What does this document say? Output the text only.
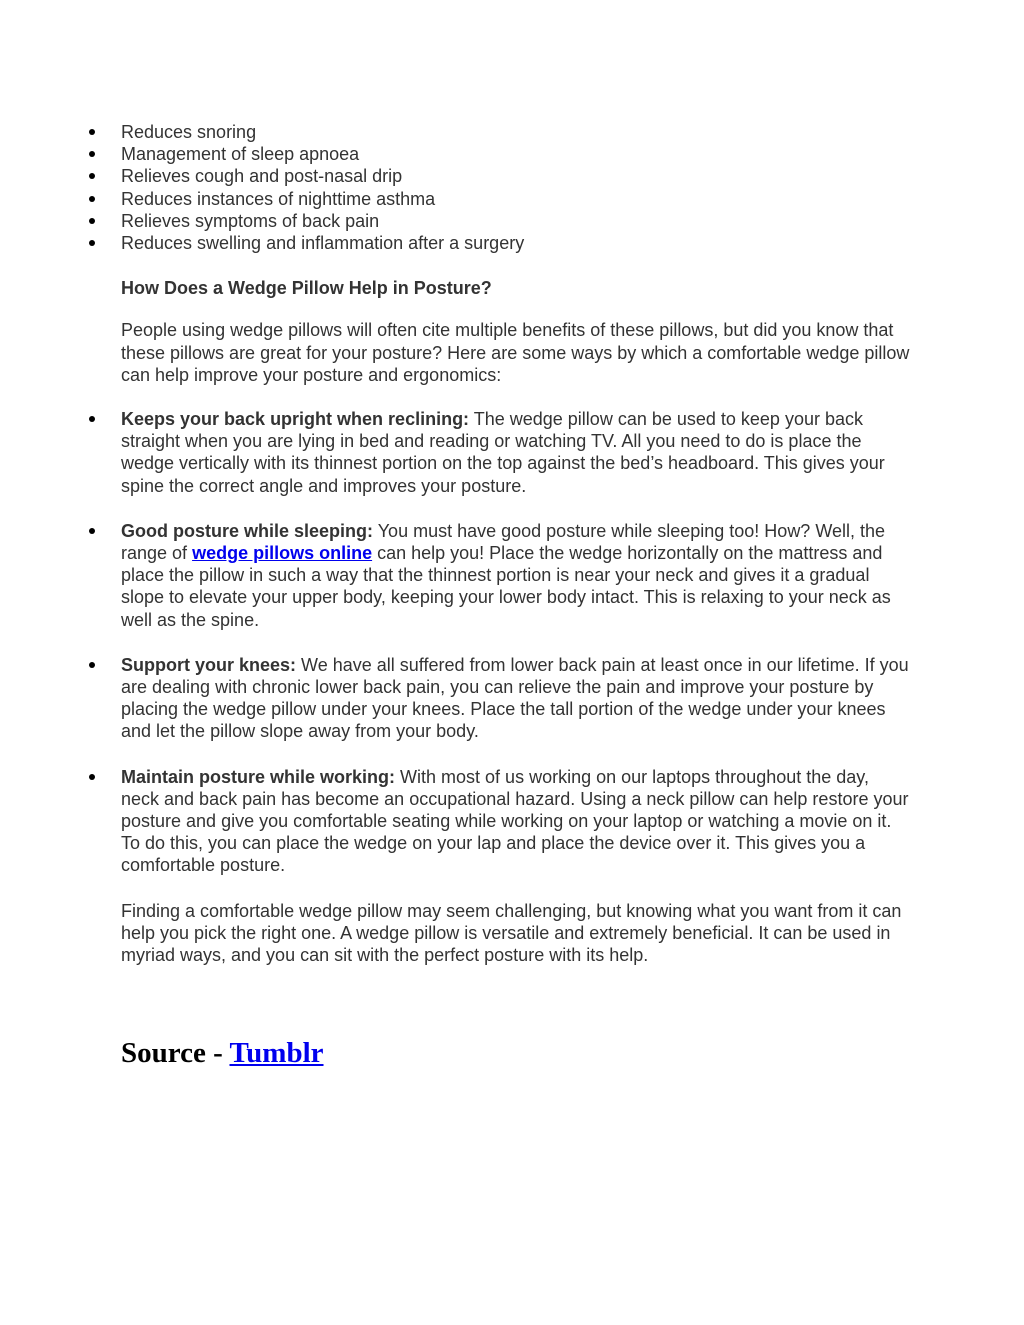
Reduces snoring
Management of sleep apnoea
Relieves cough and post-nasal drip
Reduces instances of nighttime asthma
Relieves symptoms of back pain
Reduces swelling and inflammation after a surgery
How Does a Wedge Pillow Help in Posture?
People using wedge pillows will often cite multiple benefits of these pillows, but did you know that these pillows are great for your posture? Here are some ways by which a comfortable wedge pillow can help improve your posture and ergonomics:
Keeps your back upright when reclining: The wedge pillow can be used to keep your back straight when you are lying in bed and reading or watching TV. All you need to do is place the wedge vertically with its thinnest portion on the top against the bed’s headboard. This gives your spine the correct angle and improves your posture.
Good posture while sleeping: You must have good posture while sleeping too! How? Well, the range of wedge pillows online can help you! Place the wedge horizontally on the mattress and place the pillow in such a way that the thinnest portion is near your neck and gives it a gradual slope to elevate your upper body, keeping your lower body intact. This is relaxing to your neck as well as the spine.
Support your knees: We have all suffered from lower back pain at least once in our lifetime. If you are dealing with chronic lower back pain, you can relieve the pain and improve your posture by placing the wedge pillow under your knees. Place the tall portion of the wedge under your knees and let the pillow slope away from your body.
Maintain posture while working: With most of us working on our laptops throughout the day, neck and back pain has become an occupational hazard. Using a neck pillow can help restore your posture and give you comfortable seating while working on your laptop or watching a movie on it. To do this, you can place the wedge on your lap and place the device over it. This gives you a comfortable posture.
Finding a comfortable wedge pillow may seem challenging, but knowing what you want from it can help you pick the right one. A wedge pillow is versatile and extremely beneficial. It can be used in myriad ways, and you can sit with the perfect posture with its help.
Source - Tumblr
